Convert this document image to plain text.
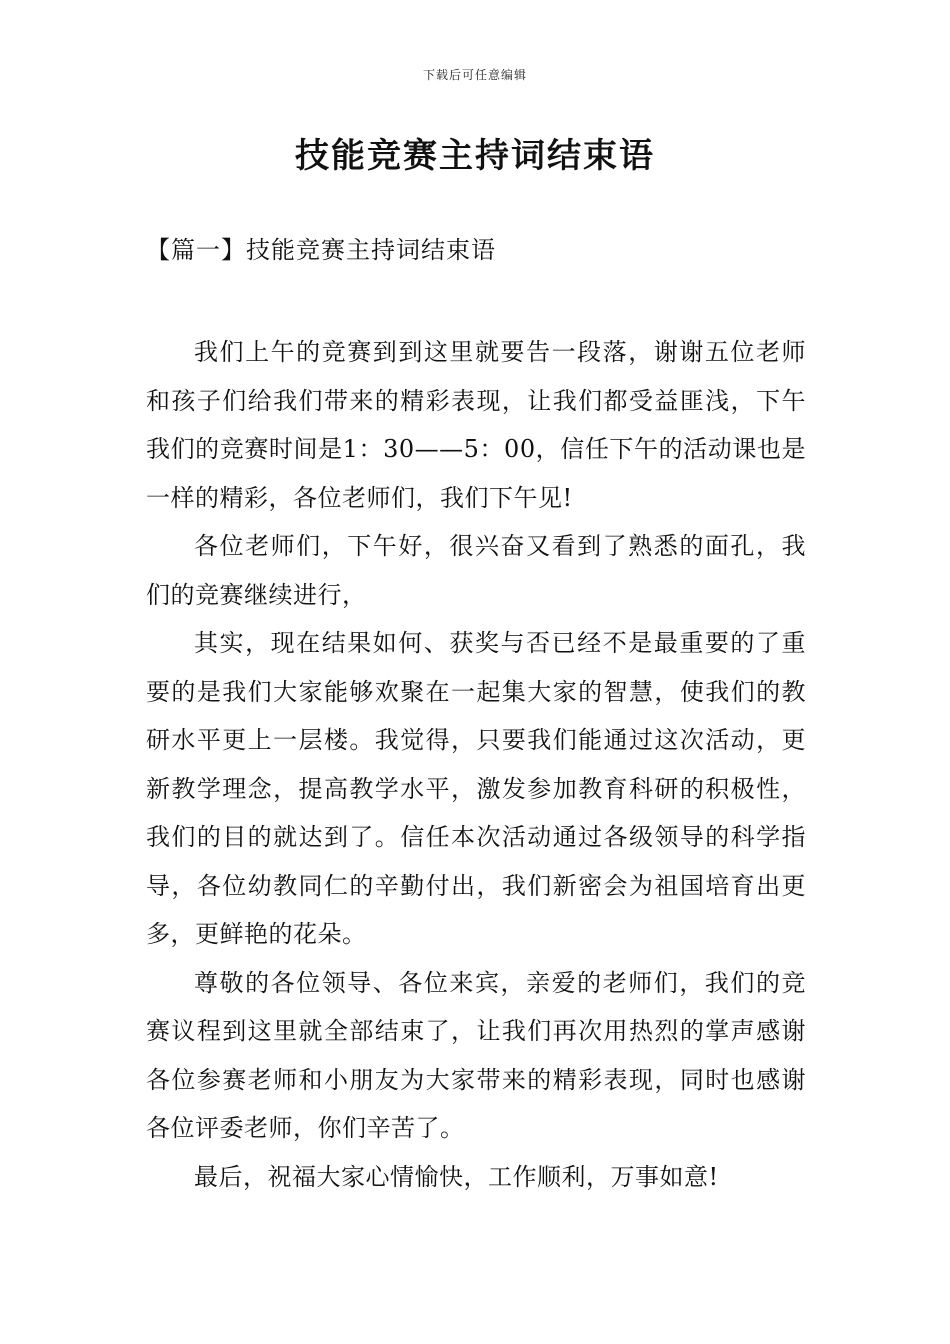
下载后可任意编辑
技能竞赛主持词结束语
【篇一】技能竞赛主持词结束语

我们上午的竞赛到到这里就要告一段落，谢谢五位老师和孩子们给我们带来的精彩表现，让我们都受益匪浅，下午我们的竞赛时间是1：30——5：00，信任下午的活动课也是一样的精彩，各位老师们，我们下午见!

各位老师们，下午好，很兴奋又看到了熟悉的面孔，我们的竞赛继续进行，

其实，现在结果如何、获奖与否已经不是最重要的了重要的是我们大家能够欢聚在一起集大家的智慧，使我们的教研水平更上一层楼。我觉得，只要我们能通过这次活动，更新教学理念，提高教学水平，激发参加教育科研的积极性，我们的目的就达到了。信任本次活动通过各级领导的科学指导，各位幼教同仁的辛勤付出，我们新密会为祖国培育出更多，更鲜艳的花朵。

尊敬的各位领导、各位来宾，亲爱的老师们，我们的竞赛议程到这里就全部结束了，让我们再次用热烈的掌声感谢各位参赛老师和小朋友为大家带来的精彩表现，同时也感谢各位评委老师，你们辛苦了。

最后，祝福大家心情愉快，工作顺利，万事如意!
